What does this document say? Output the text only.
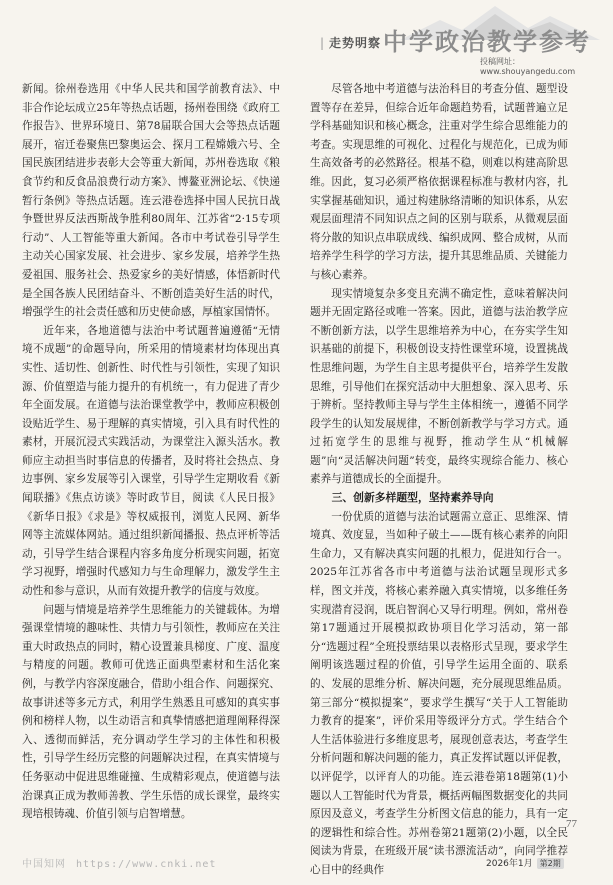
| 走势明察 中学政治教学参考
投稿网址：www.shouyangedu.com

新闻。徐州卷选用《中华人民共和国学前教育法》、中非合作论坛成立25年等热点话题，扬州卷围绕《政府工作报告》、世界环境日、第78届联合国大会等热点话题展开，宿迁卷聚焦巴黎奥运会、探月工程嫦娥六号、全国民族团结进步表彰大会等重大新闻，苏州卷选取《粮食节约和反食品浪费行动方案》、博鳌亚洲论坛、《快递暂行条例》等热点话题。连云港卷选择中国人民抗日战争暨世界反法西斯战争胜利80周年、江苏省“2·15专项行动”、人工智能等重大新闻。各市中考试卷引导学生主动关心国家发展、社会进步、家乡发展，培养学生热爱祖国、服务社会、热爱家乡的美好情感，体悟新时代是全国各族人民团结奋斗、不断创造美好生活的时代，增强学生的社会责任感和历史使命感，厚植家国情怀。

近年来，各地道德与法治中考试题普遍遵循“无情境不成题”的命题导向，所采用的情境素材均体现出真实性、适切性、创新性、时代性与引领性，实现了知识源、价值塑造与能力提升的有机统一，有力促进了青少年全面发展。在道德与法治课堂教学中，教师应积极创设贴近学生、易于理解的真实情境，引入具有时代性的素材，开展沉浸式实践活动，为课堂注入源头活水。教师应主动担当时事信息的传播者，及时将社会热点、身边事例、家乡发展等引入课堂，引导学生定期收看《新闻联播》《焦点访谈》等时政节目，阅读《人民日报》《新华日报》《求是》等权威报刊，浏览人民网、新华网等主流媒体网站。通过组织新闻播报、热点评析等活动，引导学生结合课程内容多角度分析现实问题，拓宽学习视野，增强时代感知力与生命理解力，激发学生主动性和参与意识，从而有效提升教学的信度与效度。

问题与情境是培养学生思维能力的关键载体。为增强课堂情境的趣味性、共情力与引领性，教师应在关注重大时政热点的同时，精心设置兼具梯度、广度、温度与精度的问题。教师可优选正面典型素材和生活化案例，与教学内容深度融合，借助小组合作、问题探究、故事讲述等多元方式，利用学生熟悉且可感知的真实事例和榜样人物，以生动语言和真挚情感把道理阐释得深入、透彻而鲜活，充分调动学生学习的主体性和积极性，引导学生经历完整的问题解决过程，在真实情境与任务驱动中促进思维碰撞、生成精彩观点，使道德与法治课真正成为教师善教、学生乐悟的成长课堂，最终实现培根铸魂、价值引领与启智增慧。

尽管各地中考道德与法治科目的考查分值、题型设置等存在差异，但综合近年命题趋势看，试题普遍立足学科基础知识和核心概念，注重对学生综合思维能力的考查。实现思维的可视化、过程化与规范化，已成为师生高效备考的必然路径。根基不稳，则难以构建高阶思维。因此，复习必须严格依据课程标准与教材内容，扎实掌握基础知识，通过构建脉络清晰的知识体系，从宏观层面理清不同知识点之间的区别与联系，从微观层面将分散的知识点串联成线、编织成网、整合成树，从而培养学生科学的学习方法，提升其思维品质、关键能力与核心素养。

现实情境复杂多变且充满不确定性，意味着解决问题并无固定路径或唯一答案。因此，道德与法治教学应不断创新方法，以学生思维培养为中心，在夯实学生知识基础的前提下，积极创设支持性课堂环境，设置挑战性思维问题，为学生自主思考提供平台，培养学生发散思维，引导他们在探究活动中大胆想象、深入思考、乐于辨析。坚持教师主导与学生主体相统一，遵循不同学段学生的认知发展规律，不断创新教学与学习方式。通过拓宽学生的思维与视野，推动学生从“机械解题”向“灵活解决问题”转变，最终实现综合能力、核心素养与道德成长的全面提升。

三、创新多样题型，坚持素养导向

一份优质的道德与法治试题需立意正、思维深、情境真、效度显，当如种子破土——既有核心素养的向阳生命力，又有解决真实问题的扎根力，促进知行合一。2025年江苏省各市中考道德与法治试题呈现形式多样，图文并茂，将核心素养融入真实情境，以多维任务实现潜育浸润，既启智润心又导行明理。例如，常州卷第17题通过开展模拟政协项目化学习活动，第一部分“选题过程”全班投票结果以表格形式呈现，要求学生阐明该选题过程的价值，引导学生运用全面的、联系的、发展的思维分析、解决问题，充分展现思维品质。第三部分“模拟提案”，要求学生撰写“关于人工智能助力教育的提案”，评价采用等级评分方式。学生结合个人生活体验进行多维度思考，展现创意表达，考查学生分析问题和解决问题的能力，真正发挥试题以评促教，以评促学，以评育人的功能。连云港卷第18题第(1)小题以人工智能时代为背景，概括两幅图数据变化的共同原因及意义，考查学生分析图文信息的能力，具有一定的逻辑性和综合性。苏州卷第21题第(2)小题，以全民阅读为背景，在班级开展“读书漂流活动”，向同学推荐心目中的经典作

77
中国知网 https://www.cnki.net	2026年1月 第2期
